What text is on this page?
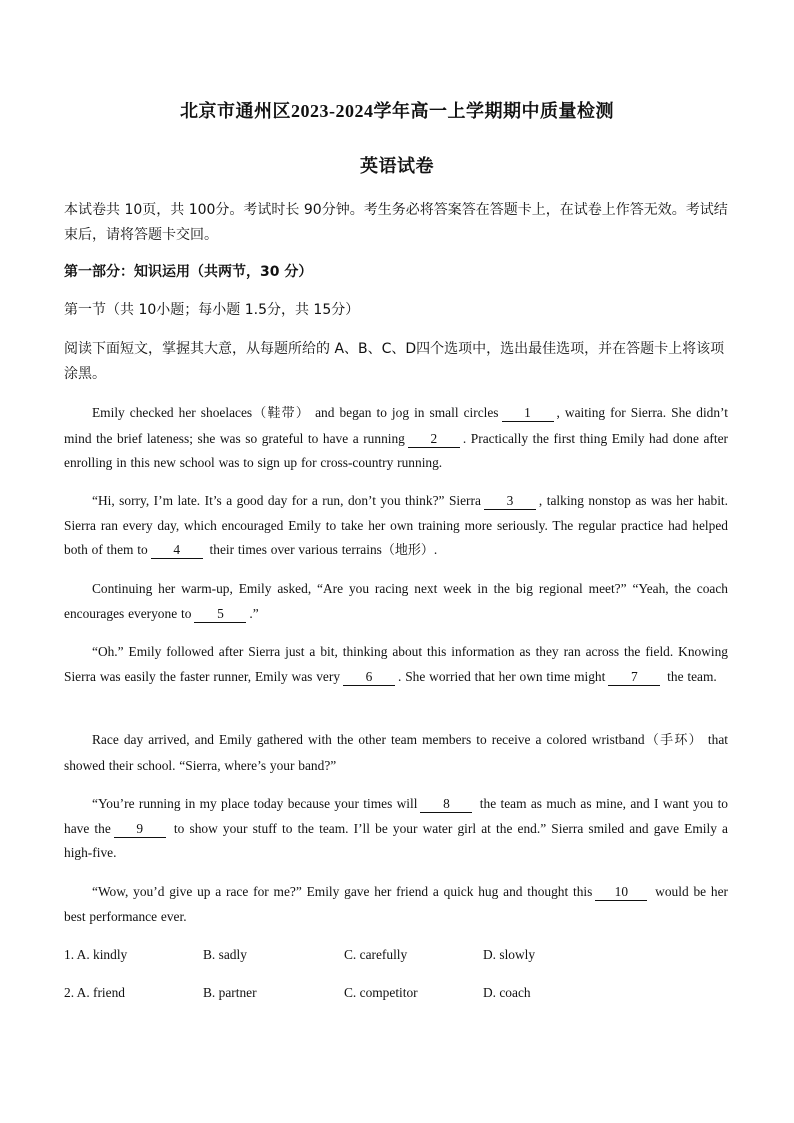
北京市通州区2023-2024学年高一上学期期中质量检测
英语试卷
本试卷共 10页，共 100分。考试时长 90分钟。考生务必将答案答在答题卡上，在试卷上作答无效。考试结
束后，请将答题卡交回。
第一部分：知识运用（共两节，30 分）
第一节（共 10小题；每小题 1.5分，共 15分）
阅读下面短文，掌握其大意，从每题所给的 A、B、C、D四个选项中，选出最佳选项，并在答题卡上将该项
涂黑。
Emily checked her shoelaces（鞋带） and began to jog in small circles 1 , waiting for Sierra. She didn’t mind the brief lateness; she was so grateful to have a running 2 . Practically the first thing Emily had done after enrolling in this new school was to sign up for cross-country running.
“Hi, sorry, I’m late. It’s a good day for a run, don’t you think?” Sierra 3 , talking nonstop as was her habit. Sierra ran every day, which encouraged Emily to take her own training more seriously. The regular practice had helped both of them to 4 their times over various terrains（地形）.
Continuing her warm-up, Emily asked, “Are you racing next week in the big regional meet?” “Yeah, the coach encourages everyone to 5 .”
“Oh.” Emily followed after Sierra just a bit, thinking about this information as they ran across the field. Knowing Sierra was easily the faster runner, Emily was very 6 . She worried that her own time might 7 the team.
Race day arrived, and Emily gathered with the other team members to receive a colored wristband（手环） that showed their school. “Sierra, where’s your band?”
“You’re running in my place today because your times will 8 the team as much as mine, and I want you to have the 9 to show your stuff to the team. I’ll be your water girl at the end.” Sierra smiled and gave Emily a high-five.
“Wow, you’d give up a race for me?” Emily gave her friend a quick hug and thought this 10 would be her best performance ever.
1. A. kindly	B. sadly	C. carefully	D. slowly
2. A. friend	B. partner	C. competitor	D. coach
